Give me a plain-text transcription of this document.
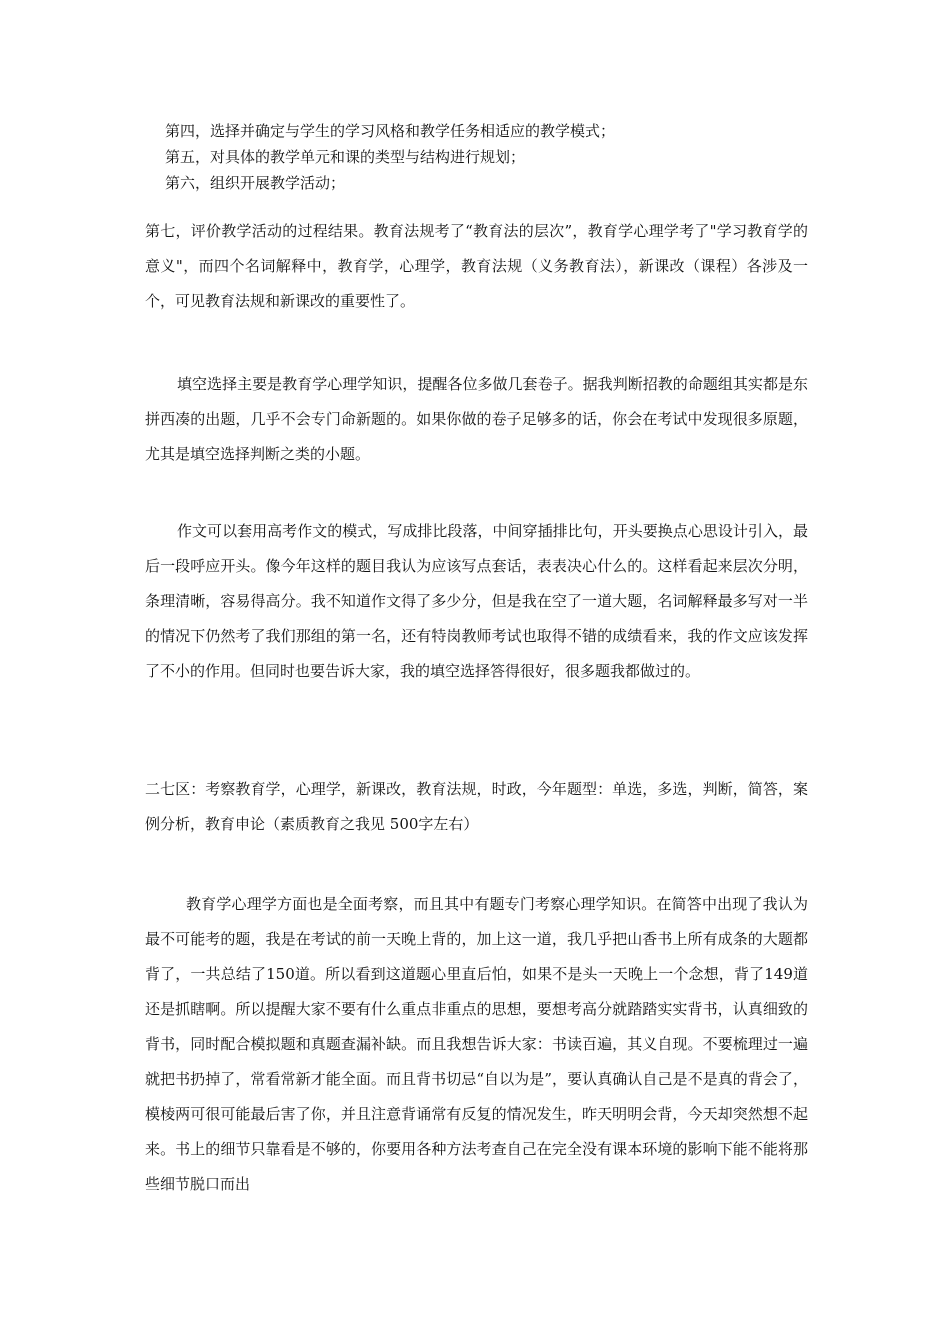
第四，选择并确定与学生的学习风格和教学任务相适应的教学模式；
第五，对具体的教学单元和课的类型与结构进行规划；
第六，组织开展教学活动；

第七，评价教学活动的过程结果。教育法规考了“教育法的层次”，教育学心理学考了"学习教育学的意义"，而四个名词解释中，教育学，心理学，教育法规（义务教育法），新课改（课程）各涉及一个，可见教育法规和新课改的重要性了。

填空选择主要是教育学心理学知识，提醒各位多做几套卷子。据我判断招教的命题组其实都是东拼西凑的出题，几乎不会专门命新题的。如果你做的卷子足够多的话，你会在考试中发现很多原题，尤其是填空选择判断之类的小题。

作文可以套用高考作文的模式，写成排比段落，中间穿插排比句，开头要换点心思设计引入，最后一段呼应开头。像今年这样的题目我认为应该写点套话，表表决心什么的。这样看起来层次分明，条理清晰，容易得高分。我不知道作文得了多少分，但是我在空了一道大题，名词解释最多写对一半的情况下仍然考了我们那组的第一名，还有特岗教师考试也取得不错的成绩看来，我的作文应该发挥了不小的作用。但同时也要告诉大家，我的填空选择答得很好，很多题我都做过的。

二七区：考察教育学，心理学，新课改，教育法规，时政，今年题型：单选，多选，判断，简答，案例分析，教育申论（素质教育之我见 500字左右）

教育学心理学方面也是全面考察，而且其中有题专门考察心理学知识。在简答中出现了我认为最不可能考的题，我是在考试的前一天晚上背的，加上这一道，我几乎把山香书上所有成条的大题都背了，一共总结了150道。所以看到这道题心里直后怕，如果不是头一天晚上一个念想，背了149道还是抓瞎啊。所以提醒大家不要有什么重点非重点的思想，要想考高分就踏踏实实背书，认真细致的背书，同时配合模拟题和真题查漏补缺。而且我想告诉大家：书读百遍，其义自现。不要梳理过一遍就把书扔掉了，常看常新才能全面。而且背书切忌“自以为是”，要认真确认自己是不是真的背会了，模棱两可很可能最后害了你，并且注意背诵常有反复的情况发生，昨天明明会背，今天却突然想不起来。书上的细节只靠看是不够的，你要用各种方法考查自己在完全没有课本环境的影响下能不能将那些细节脱口而出
